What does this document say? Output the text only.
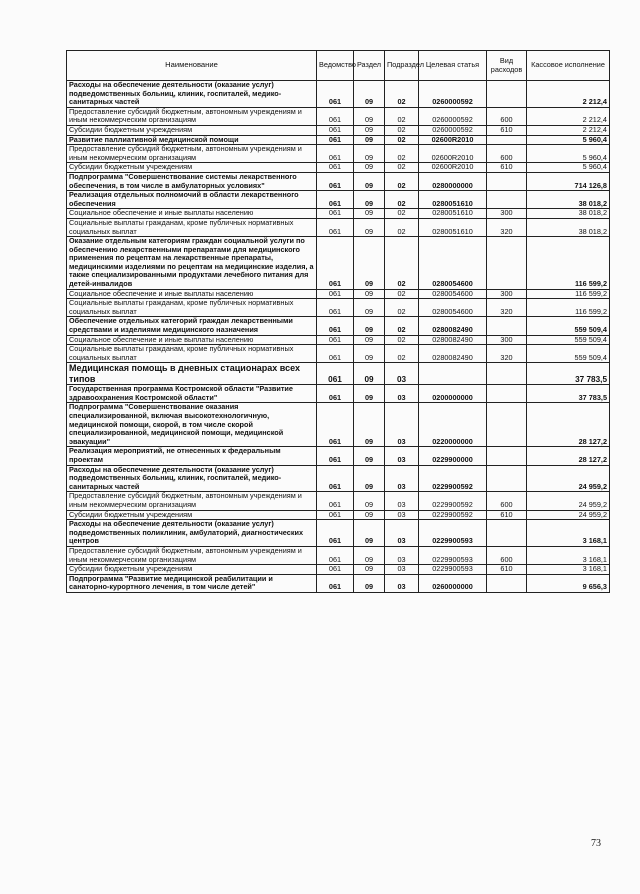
Наименование	Ведомство	Раздел	Подраздел	Целевая статья	Вид расходов	Кассовое исполнение
Расходы на обеспечение деятельности (оказание услуг) подведомственных больниц, клиник, госпиталей, медико-санитарных частей	061	09	02	0260000592		2 212,4
Предоставление субсидий бюджетным, автономным учреждениям и иным некоммерческим организациям	061	09	02	0260000592	600	2 212,4
Субсидии бюджетным учреждениям	061	09	02	0260000592	610	2 212,4
Развитие паллиативной медицинской помощи	061	09	02	02600R2010		5 960,4
Предоставление субсидий бюджетным, автономным учреждениям и иным некоммерческим организациям	061	09	02	02600R2010	600	5 960,4
Субсидии бюджетным учреждениям	061	09	02	02600R2010	610	5 960,4
Подпрограмма "Совершенствование системы лекарственного обеспечения, в том числе в амбулаторных условиях"	061	09	02	0280000000		714 126,8
Реализация отдельных полномочий в области лекарственного обеспечения	061	09	02	0280051610		38 018,2
Социальное обеспечение и иные выплаты населению	061	09	02	0280051610	300	38 018,2
Социальные выплаты гражданам, кроме публичных нормативных социальных выплат	061	09	02	0280051610	320	38 018,2
Оказание отдельным категориям граждан социальной услуги по обеспечению лекарственными препаратами для медицинского применения по рецептам на лекарственные препараты, медицинскими изделиями по рецептам на медицинские изделия, а также специализированными продуктами лечебного питания для детей-инвалидов	061	09	02	0280054600		116 599,2
Социальное обеспечение и иные выплаты населению	061	09	02	0280054600	300	116 599,2
Социальные выплаты гражданам, кроме публичных нормативных социальных выплат	061	09	02	0280054600	320	116 599,2
Обеспечение отдельных категорий граждан лекарственными средствами и изделиями медицинского назначения	061	09	02	0280082490		559 509,4
Социальное обеспечение и иные выплаты населению	061	09	02	0280082490	300	559 509,4
Социальные выплаты гражданам, кроме публичных нормативных социальных выплат	061	09	02	0280082490	320	559 509,4
Медицинская помощь в дневных стационарах всех типов	061	09	03			37 783,5
Государственная программа Костромской области "Развитие здравоохранения Костромской области"	061	09	03	0200000000		37 783,5
Подпрограмма "Совершенствование оказания специализированной, включая высокотехнологичную, медицинской помощи, скорой, в том числе скорой специализированной, медицинской помощи, медицинской эвакуации"	061	09	03	0220000000		28 127,2
Реализация мероприятий, не отнесенных к федеральным проектам	061	09	03	0229900000		28 127,2
Расходы на обеспечение деятельности (оказание услуг) подведомственных больниц, клиник, госпиталей, медико-санитарных частей	061	09	03	0229900592		24 959,2
Предоставление субсидий бюджетным, автономным учреждениям и иным некоммерческим организациям	061	09	03	0229900592	600	24 959,2
Субсидии бюджетным учреждениям	061	09	03	0229900592	610	24 959,2
Расходы на обеспечение деятельности (оказание услуг) подведомственных поликлиник, амбулаторий, диагностических центров	061	09	03	0229900593		3 168,1
Предоставление субсидий бюджетным, автономным учреждениям и иным некоммерческим организациям	061	09	03	0229900593	600	3 168,1
Субсидии бюджетным учреждениям	061	09	03	0229900593	610	3 168,1
Подпрограмма "Развитие медицинской реабилитации и санаторно-курортного лечения, в том числе детей"	061	09	03	0260000000		9 656,3
73
